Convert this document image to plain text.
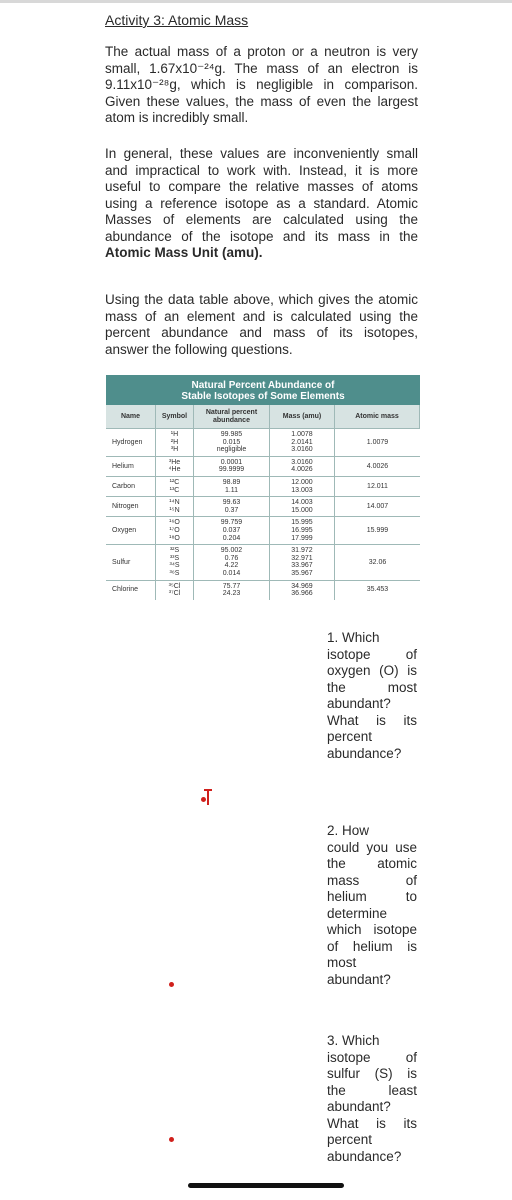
Activity 3: Atomic Mass
The actual mass of a proton or a neutron is very small, 1.67x10⁻²⁴g. The mass of an electron is 9.11x10⁻²⁸g, which is negligible in comparison. Given these values, the mass of even the largest atom is incredibly small.
In general, these values are inconveniently small and impractical to work with. Instead, it is more useful to compare the relative masses of atoms using a reference isotope as a standard. Atomic Masses of elements are calculated using the abundance of the isotope and its mass in the Atomic Mass Unit (amu).
Using the data table above, which gives the atomic mass of an element and is calculated using the percent abundance and mass of its isotopes, answer the following questions.
Natural Percent Abundance of
Stable Isotopes of Some Elements
Name	Symbol
Natural percent abundance
Mass (amu)	Atomic mass
Hydrogen
¹H
²H
³H
99.985
0.015
negligible
1.0078
2.0141
3.0160
1.0079
Helium
³He
⁴He
0.0001
99.9999
3.0160
4.0026
4.0026
Carbon
¹²C
¹³C
98.89
1.11
12.000
13.003
12.011
Nitrogen
¹⁴N
¹⁵N
99.63
0.37
14.003
15.000
14.007
Oxygen
¹⁶O
¹⁷O
¹⁸O
99.759
0.037
0.204
15.995
16.995
17.999
15.999
Sulfur
³²S
³³S
³⁴S
³⁶S
95.002
0.76
4.22
0.014
31.972
32.971
33.967
35.967
32.06
Chlorine
³⁵Cl
³⁷Cl
75.77
24.23
34.969
36.966
35.453
1. Which
isotope of oxygen (O) is the most abundant? What is its percent abundance?
2. How
could you use the atomic mass of helium to determine which isotope of helium is most abundant?
3. Which
isotope of sulfur (S) is the least abundant? What is its percent abundance?
